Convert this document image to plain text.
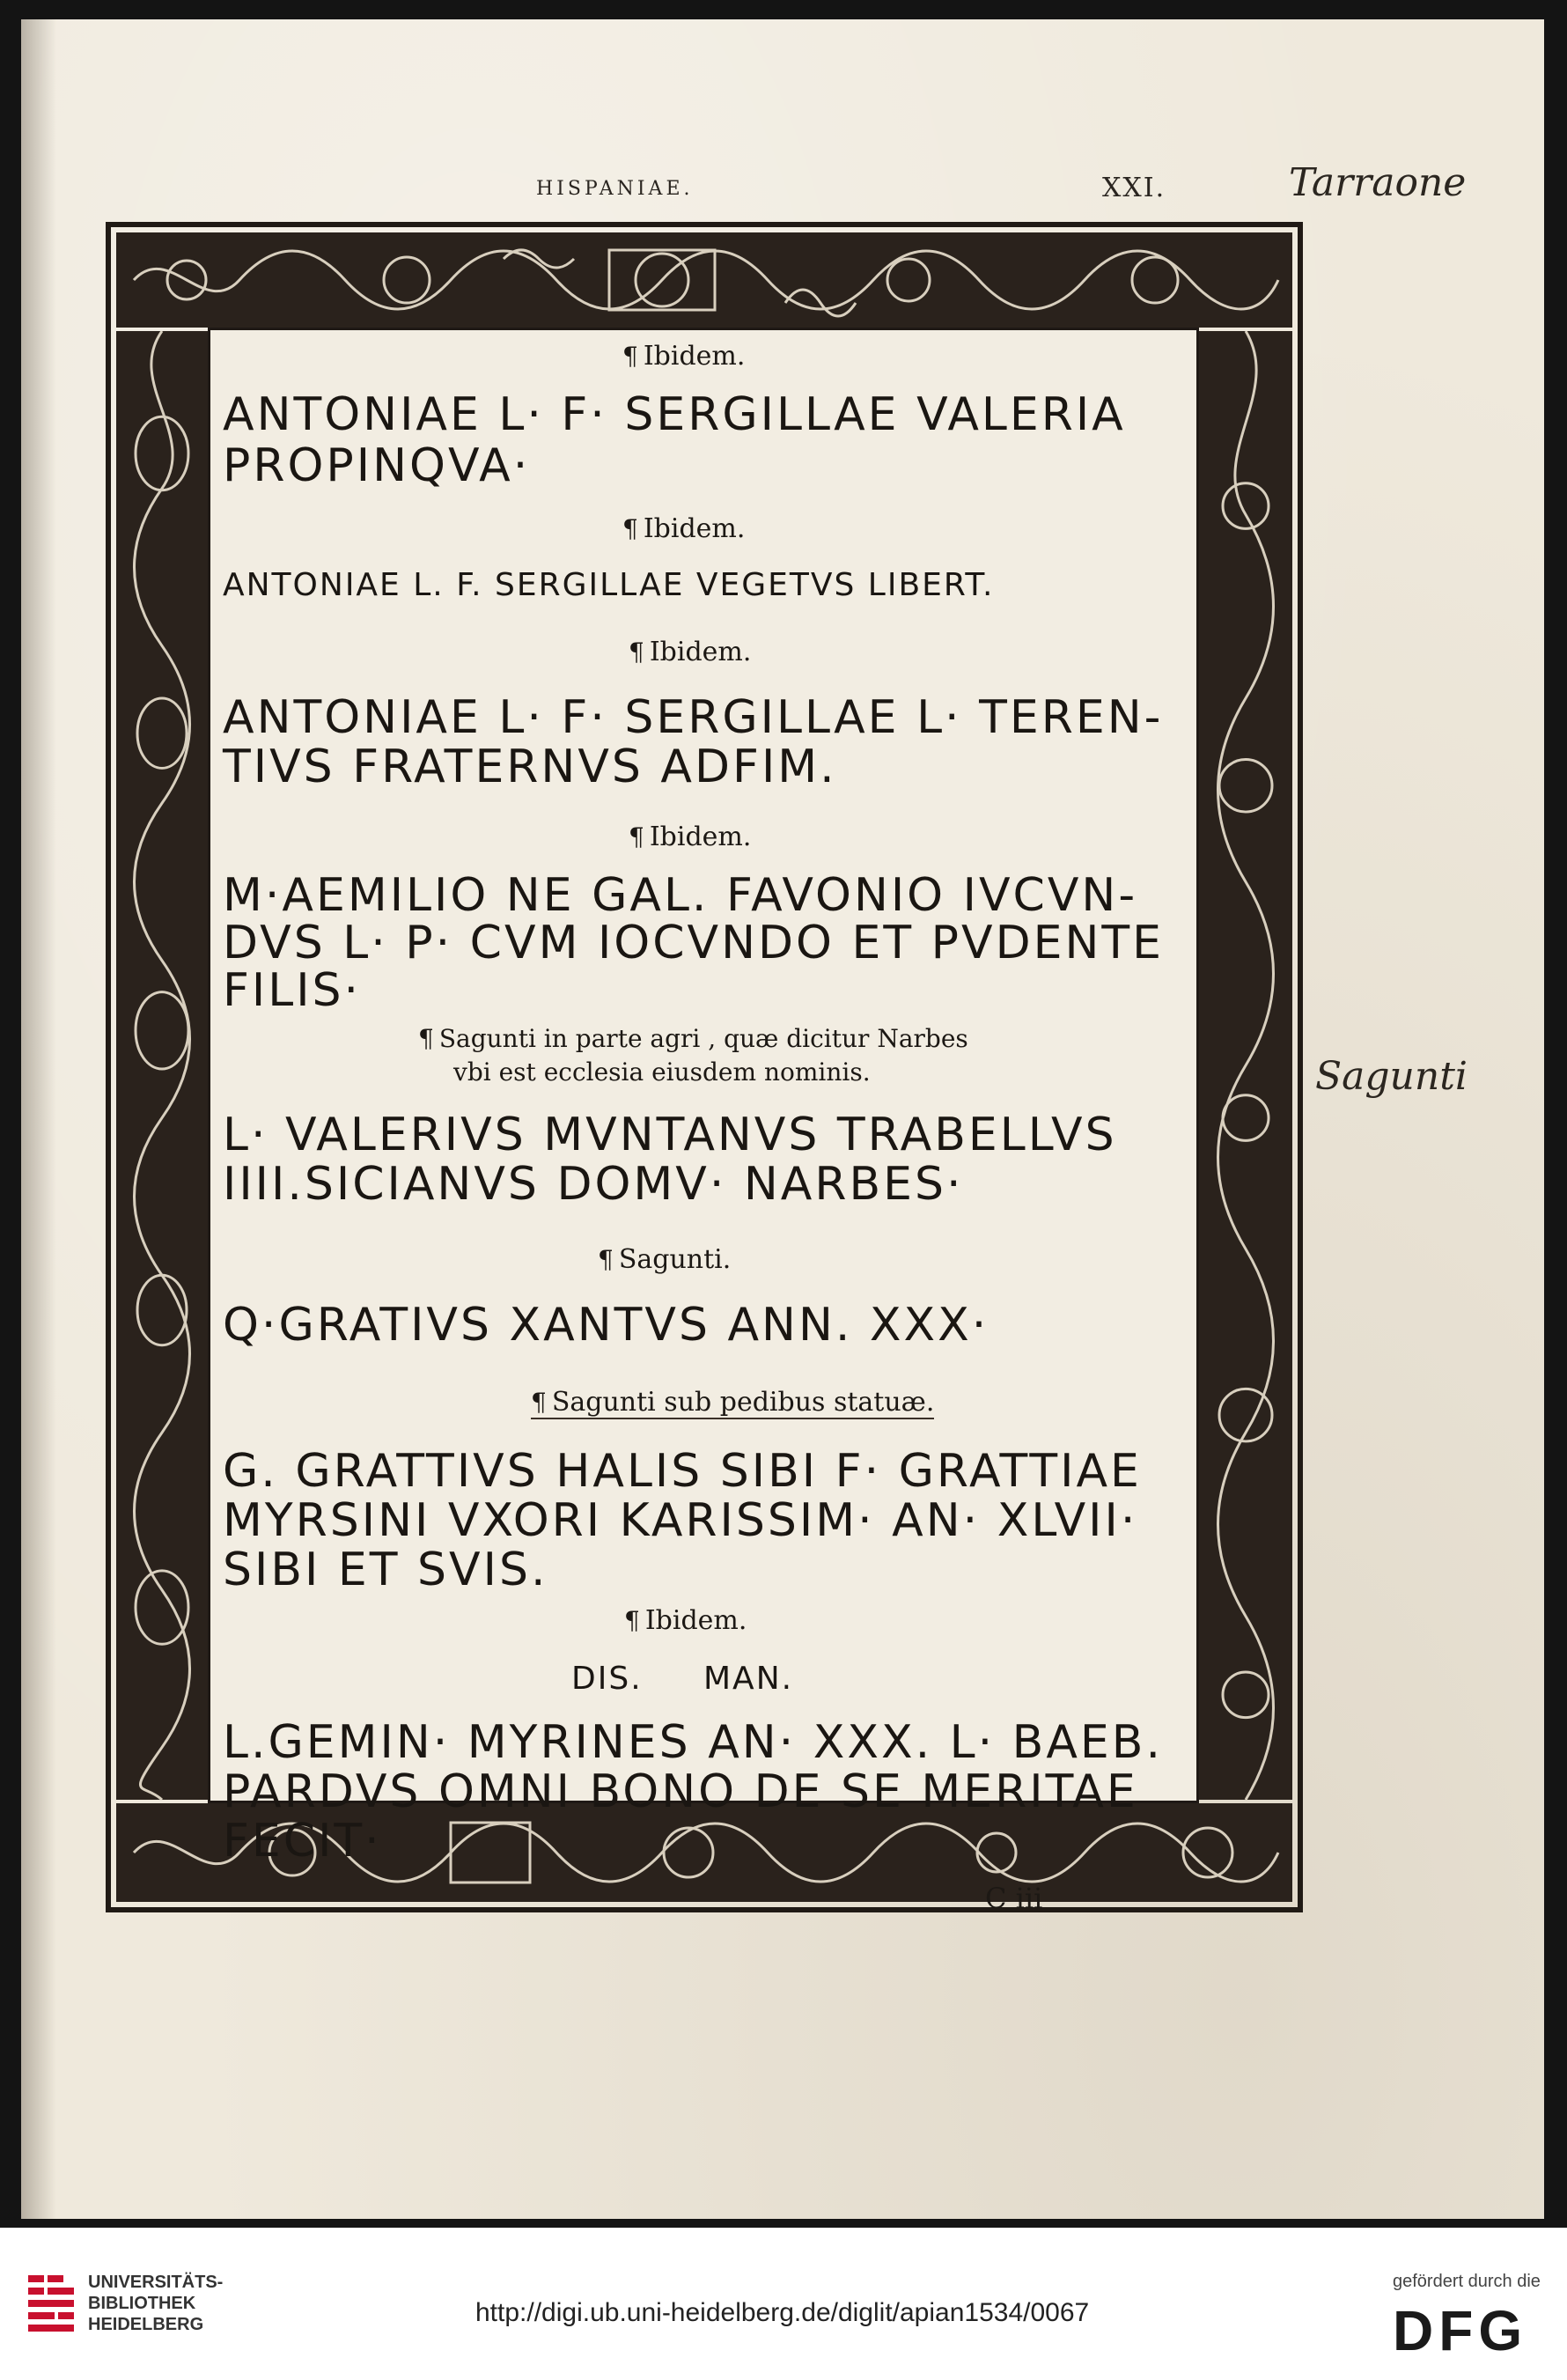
HISPANIAE.	XXI.	Tarraone
Sagunti
¶ Ibidem.
ANTONIAE L· F· SERGILLAE VALERIA
PROPINQVA·
¶ Ibidem.
ANTONIAE L. F. SERGILLAE VEGETVS LIBERT.
¶ Ibidem.
ANTONIAE L· F· SERGILLAE L· TEREN-
TIVS FRATERNVS ADFIM.
¶ Ibidem.
M·AEMILIO NE GAL. FAVONIO IVCVN-
DVS L· P· CVM IOCVNDO ET PVDENTE
FILIS·
¶ Sagunti in parte agri , quæ dicitur Narbes
vbi est ecclesia eiusdem nominis.
L· VALERIVS MVNTANVS TRABELLVS
IIII.SICIANVS DOMV· NARBES·
¶ Sagunti.
Q·GRATIVS XANTVS ANN. XXX·
¶ Sagunti sub pedibus statuæ.
G. GRATTIVS HALIS SIBI F· GRATTIAE
MYRSINI VXORI KARISSIM· AN· XLVII·
SIBI ET SVIS.
¶ Ibidem.
DIS. MAN.
L.GEMIN· MYRINES AN· XXX. L· BAEB.
PARDVS OMNI BONO DE SE MERITAE
FECIT·
C iii
UNIVERSITÄTS-
BIBLIOTHEK
HEIDELBERG	http://digi.ub.uni-heidelberg.de/diglit/apian1534/0067
gefördert durch die
DFG
